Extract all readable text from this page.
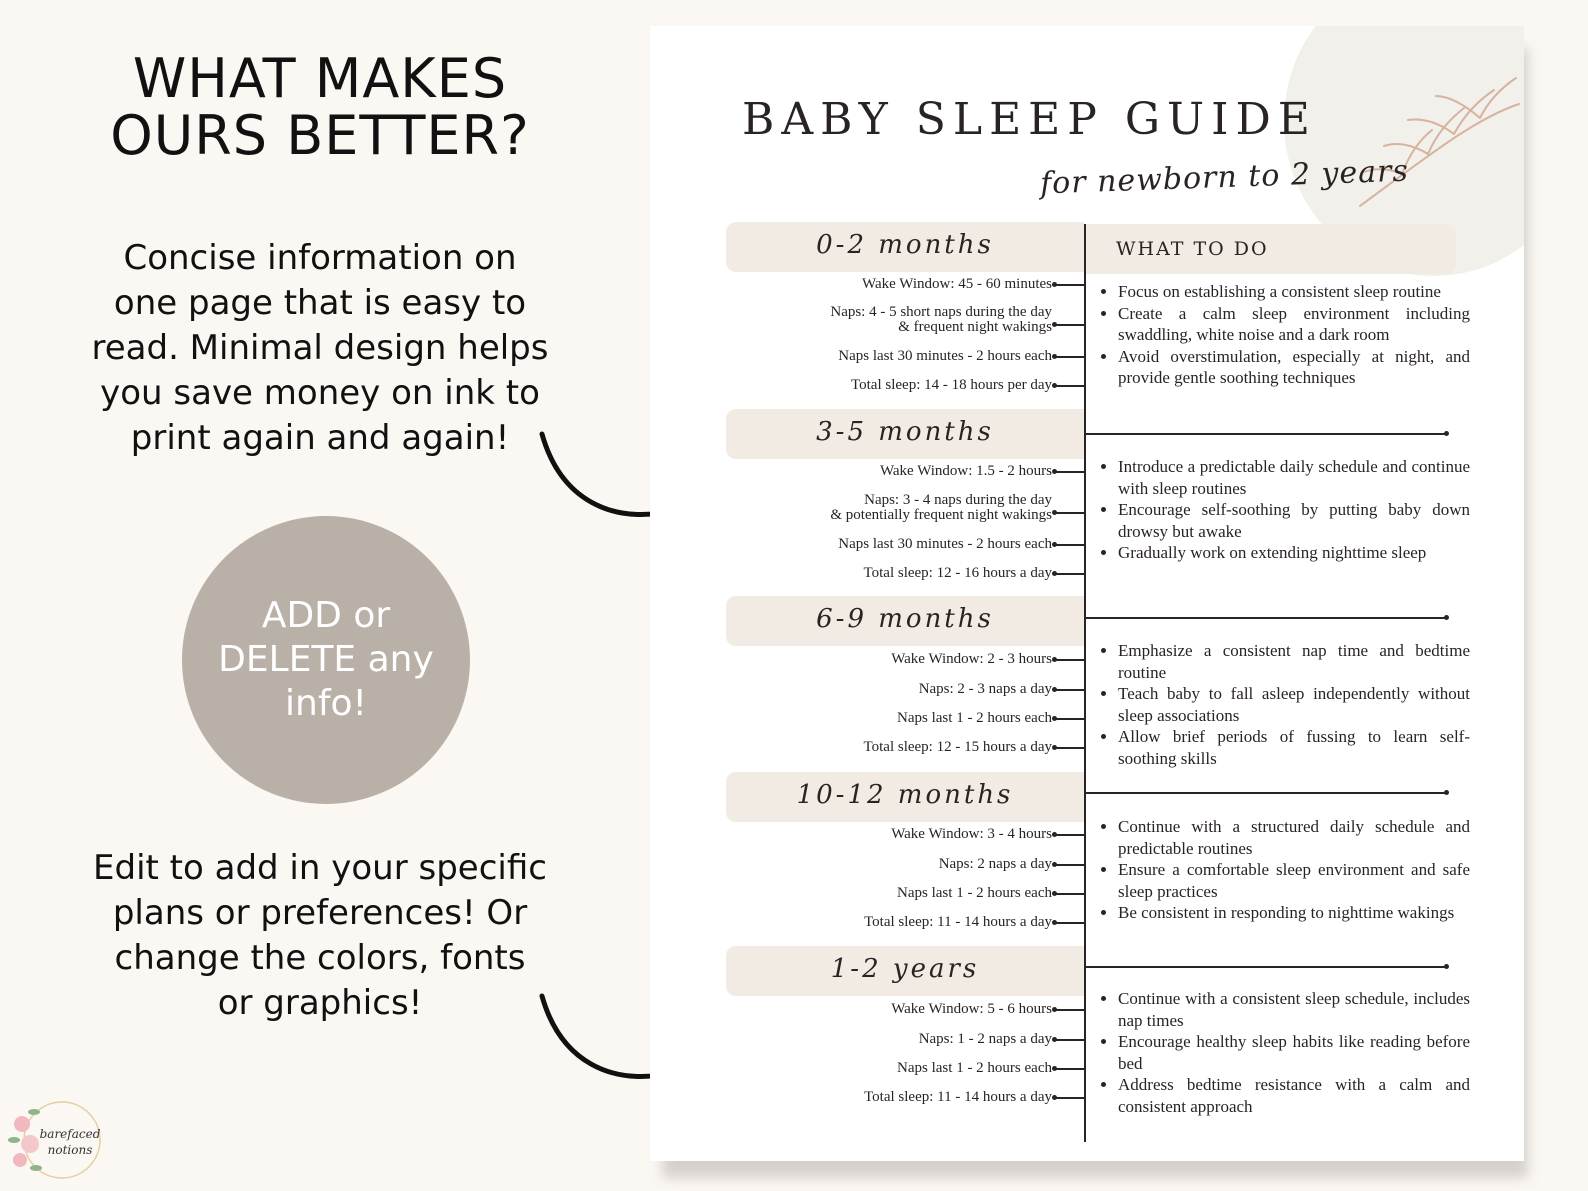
WHAT MAKES
OURS BETTER?
Concise information on
one page that is easy to
read. Minimal design helps
you save money on ink to
print again and again!
ADD or
DELETE any
info!
Edit to add in your specific
plans or preferences! Or
change the colors, fonts
or graphics!
barefaced
notions
BABY SLEEP GUIDE
for newborn to 2 years
WHAT TO DO
0-2 months
Wake Window: 45 - 60 minutes
Naps: 4 - 5 short naps during the day
& frequent night wakings
Naps last 30 minutes - 2 hours each
Total sleep: 14 - 18 hours per day
• Focus on establishing a consistent sleep routine
• Create a calm sleep environment including swaddling, white noise and a dark room
• Avoid overstimulation, especially at night, and provide gentle soothing techniques
3-5 months
Wake Window: 1.5 - 2 hours
Naps: 3 - 4 naps during the day
& potentially frequent night wakings
Naps last 30 minutes - 2 hours each
Total sleep: 12 - 16 hours a day
• Introduce a predictable daily schedule and continue with sleep routines
• Encourage self-soothing by putting baby down drowsy but awake
• Gradually work on extending nighttime sleep
6-9 months
Wake Window: 2 - 3 hours
Naps: 2 - 3 naps a day
Naps last 1 - 2 hours each
Total sleep: 12 - 15 hours a day
• Emphasize a consistent nap time and bedtime routine
• Teach baby to fall asleep independently without sleep associations
• Allow brief periods of fussing to learn self-soothing skills
10-12 months
Wake Window: 3 - 4 hours
Naps: 2 naps a day
Naps last 1 - 2 hours each
Total sleep: 11 - 14 hours a day
• Continue with a structured daily schedule and predictable routines
• Ensure a comfortable sleep environment and safe sleep practices
• Be consistent in responding to nighttime wakings
1-2 years
Wake Window: 5 - 6 hours
Naps: 1 - 2 naps a day
Naps last 1 - 2 hours each
Total sleep: 11 - 14 hours a day
• Continue with a consistent sleep schedule, includes nap times
• Encourage healthy sleep habits like reading before bed
• Address bedtime resistance with a calm and consistent approach
